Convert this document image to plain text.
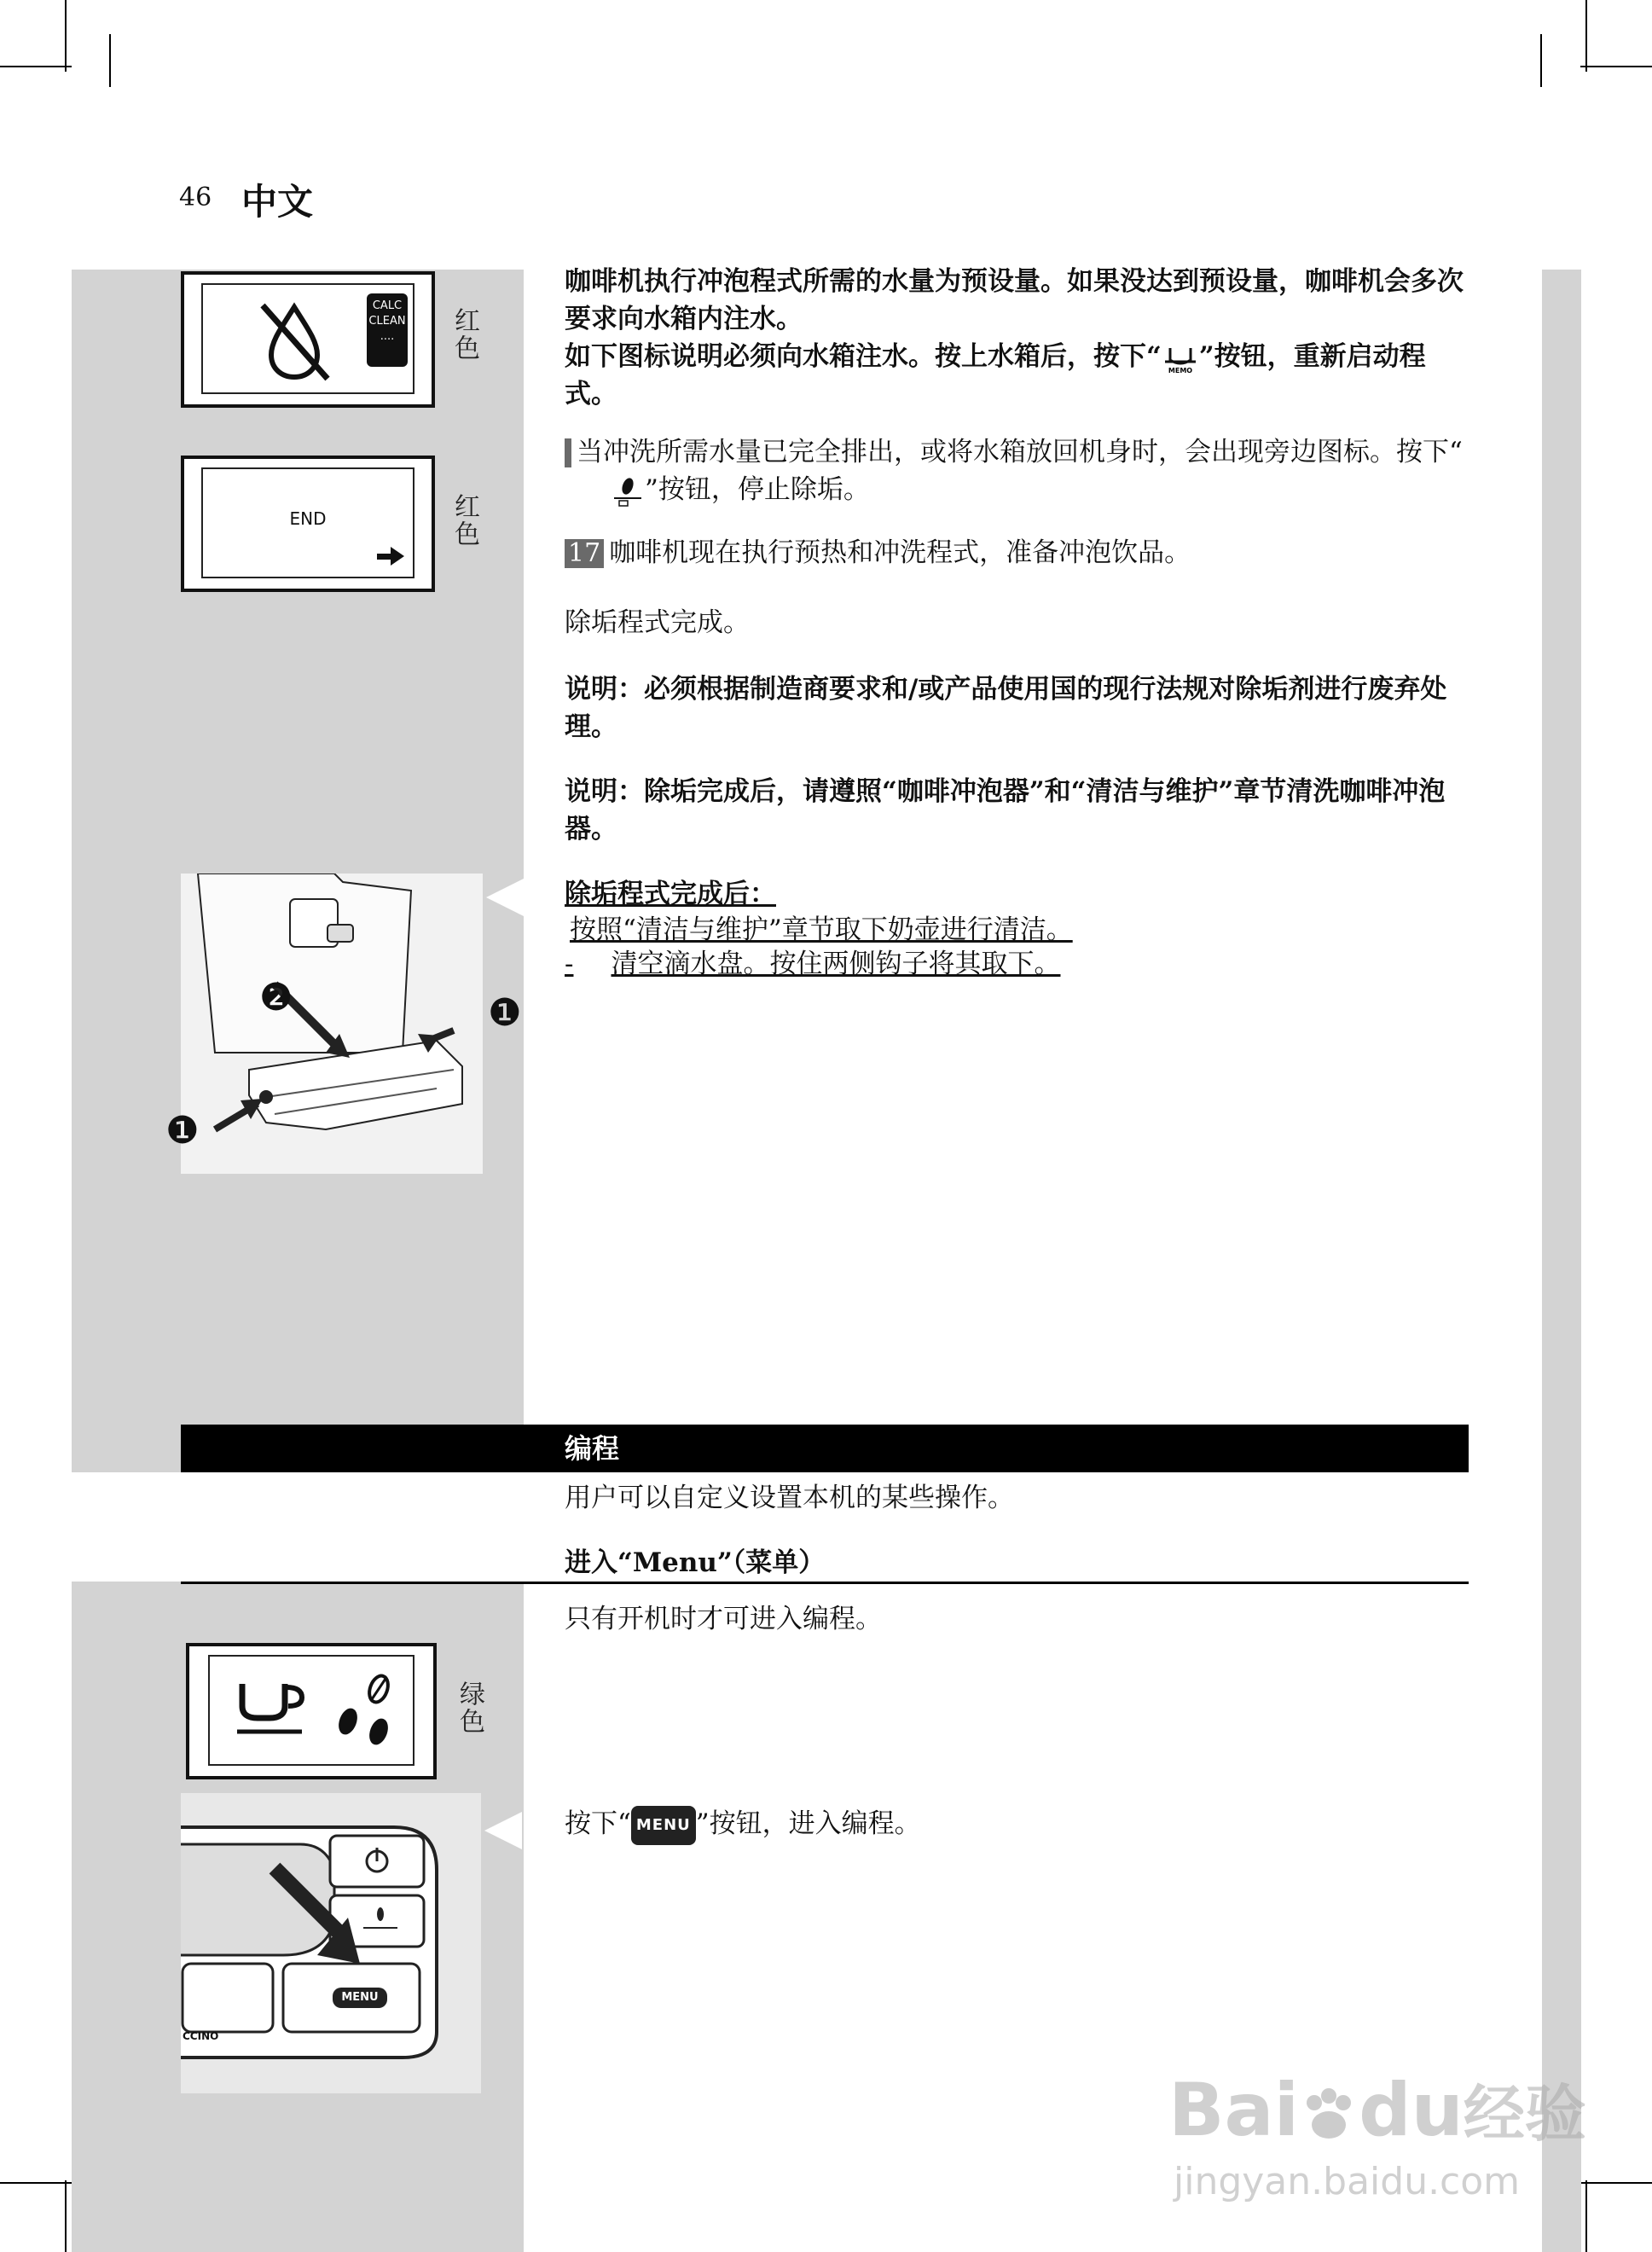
46 中文
CALC
CLEAN
....	红色
END	红色
咖啡机执行冲泡程式所需的水量为预设量。如果没达到预设量，咖啡机会多次要求向水箱内注水。
如下图标说明必须向水箱注水。按上水箱后，按下“ MEMO ”按钮，重新启动程式。
16 当冲洗所需水量已完全排出，或将水箱放回机身时，会出现旁边图标。按下“”按钮，停止除垢。
17 咖啡机现在执行预热和冲洗程式，准备冲泡饮品。
除垢程式完成。
说明：必须根据制造商要求和/或产品使用国的现行法规对除垢剂进行废弃处理。
说明：除垢完成后，请遵照“咖啡冲泡器”和“清洁与维护”章节清洗咖啡冲泡器。
除垢程式完成后：
按照“清洁与维护”章节取下奶壶进行清洁。
- 清空滴水盘。按住两侧钩子将其取下。
❷	❶
❶
编程
用户可以自定义设置本机的某些操作。
进入“Menu”（菜单）
只有开机时才可进入编程。
绿色
MENU
CCINO
按下“ MENU ”按钮，进入编程。
Bai du经验
jingyan.baidu.com
